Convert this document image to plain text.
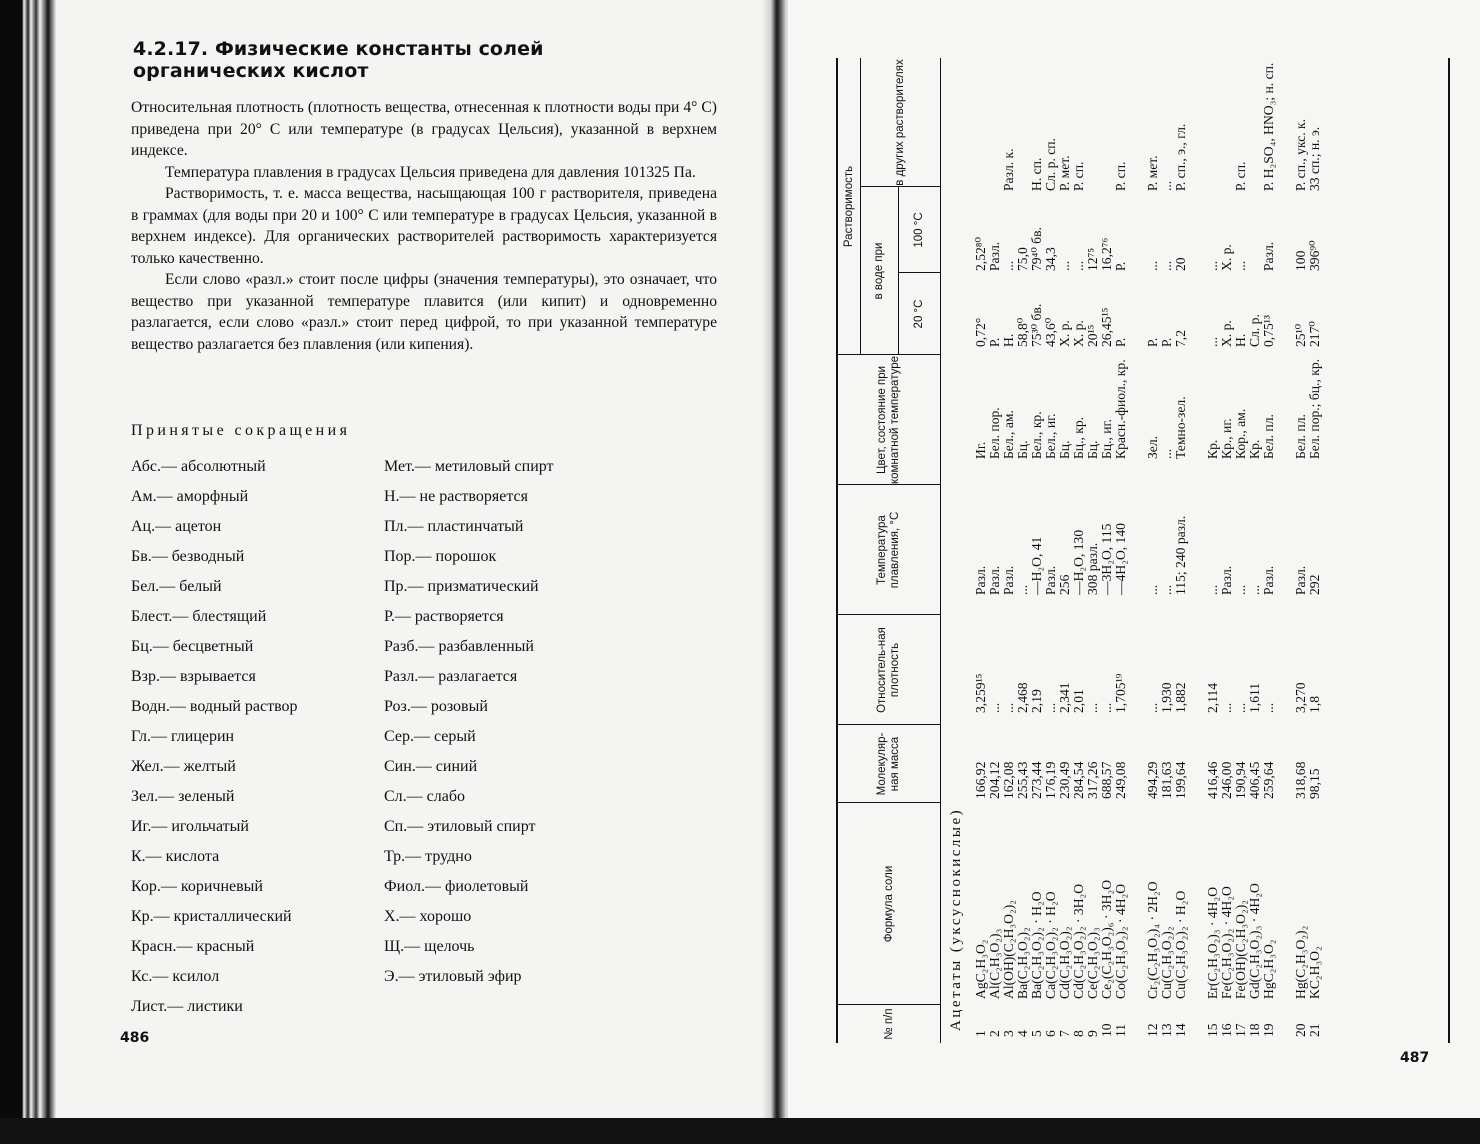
4.2.17. Физические константы солей
органических кислот

Относительная плотность (плотность вещества, отнесенная к плотности воды при 4° С) приведена при 20° С или температуре (в градусах Цельсия), указанной в верхнем индексе.

Температура плавления в градусах Цельсия приведена для давления 101325 Па.

Растворимость, т. е. масса вещества, насыщающая 100 г растворителя, приведена в граммах (для воды при 20 и 100° С или температуре в градусах Цельсия, указанной в верхнем индексе). Для органических растворителей растворимость характеризуется только качественно.

Если слово «разл.» стоит после цифры (значения температуры), это означает, что вещество при указанной температуре плавится (или кипит) и одновременно разлагается, если слово «разл.» стоит перед цифрой, то при указанной температуре вещество разлагается без плавления (или кипения).

Принятые сокращения
Абс.— абсолютный
Ам.— аморфный
Ац.— ацетон
Бв.— безводный
Бел.— белый
Блест.— блестящий
Бц.— бесцветный
Взр.— взрывается
Водн.— водный раствор
Гл.— глицерин
Жел.— желтый
Зел.— зеленый
Иг.— игольчатый
К.— кислота
Кор.— коричневый
Кр.— кристаллический
Красн.— красный
Кс.— ксилол
Лист.— листики
Мет.— метиловый спирт
Н.— не растворяется
Пл.— пластинчатый
Пор.— порошок
Пр.— призматический
Р.— растворяется
Разб.— разбавленный
Разл.— разлагается
Роз.— розовый
Сер.— серый
Син.— синий
Сл.— слабо
Сп.— этиловый спирт
Тр.— трудно
Фиол.— фиолетовый
Х.— хорошо
Щ.— щелочь
Э.— этиловый эфир
486
487
№ п/п
Формула соли
Молекуляр-ная масса
Относитель-ная плотность
Температура плавления, °С
Цвет, состояние при комнатной температуре
Растворимость
в воде при
20 °С
100 °С
в других растворителях
Ацетаты (уксуснокислые)
1
AgC₂H₃O₂
166,92
3,259¹⁵
Разл.
Иг.
0,72°
2,52⁸⁰
2
Al(C₂H₃O₂)₃
204,12
...
Разл.
Бел. пор.
Р.
Разл.
3
Al(OH)(C₂H₃O₂)₂
162,08
...
Разл.
Бел., ам.
Н.
...
Разл. к.
4
Ba(C₂H₃O₂)₂
255,43
2,468
...
Бц.
58,8⁰
75,0
5
Ba(C₂H₃O₂)₂ · H₂O
273,44
2,19
—H₂O, 41
Бел., кр.
75³⁰ бв.
79⁴⁰ бв.
Н. сп.
6
Ca(C₂H₃O₂)₂ · H₂O
176,19
...
Разл.
Бел., иг.
43,6⁰
34,3
Сл. р. сп.
7
Cd(C₂H₃O₂)₂
230,49
2,341
256
Бц.
Х. р.
...
Р. мет.
8
Cd(C₂H₃O₂)₂ · 3H₂O
284,54
2,01
—H₂O, 130
Бц., кр.
Х. р.
...
Р. сп.
9
Ce(C₂H₃O₂)₃
317,26
...
308 разл.
Бц.
20¹⁵
12⁷⁵
10
Ce₂(C₂H₃O₂)₆ · 3H₂O
688,57
...
—3H₂O, 115
Бц., иг.
26,45¹⁵
16,2⁷⁶
11
Co(C₂H₃O₂)₂ · 4H₂O
249,08
1,705¹⁹
—4H₂O, 140
Красн.-фиол., кр.
Р.
Р.
Р. сп.
12
Cr₂(C₂H₃O₂)₄ · 2H₂O
494,29
...
...
Зел.
Р.
...
Р. мет.
13
Cu(C₂H₃O₂)₂
181,63
1,930
...
...
Р.
...
...
14
Cu(C₂H₃O₂)₂ · H₂O
199,64
1,882
115; 240 разл.
Темно-зел.
7,2
20
Р. сп., э., гл.
15
Er(C₂H₃O₂)₃ · 4H₂O
416,46
2,114
...
Кр.
...
...
16
Fe(C₂H₃O₂)₂ · 4H₂O
246,00
...
Разл.
Кр., иг.
Х. р.
Х. р.
17
Fe(OH)(C₂H₃O₂)₂
190,94
...
...
Кор., ам.
Н.
...
Р. сп.
18
Gd(C₂H₃O₂)₃ · 4H₂O
406,45
1,611
...
Кр.
Сл. р.
19
HgC₂H₃O₂
259,64
...
Разл.
Бел. пл.
0,75¹³
Разл.
Р. H₂SO₄, HNO₃; н. сп.
20
Hg(C₂H₃O₂)₂
318,68
3,270
Разл.
Бел. пл.
25¹⁰
100
Р. сп., укс. к.
21
KC₂H₃O₂
98,15
1,8
292
Бел. пор.; бц., кр.
217⁰
396⁹⁰
33 сп.; н. э.
